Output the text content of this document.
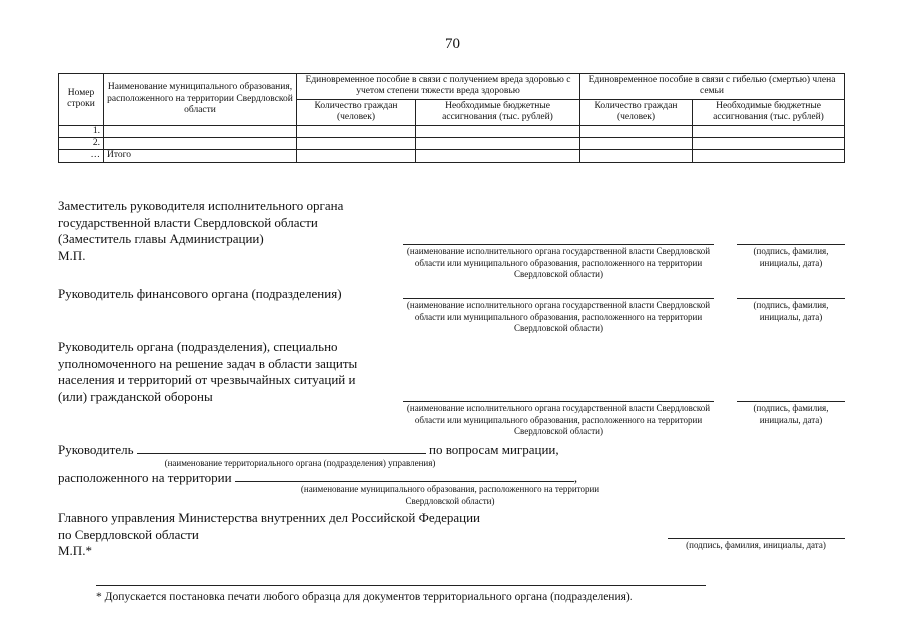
70
Номер строки	Наименование муниципального образования, расположенного на территории Свердловской области	Единовременное пособие в связи с получением вреда здоровью с учетом степени тяжести вреда здоровью		Единовременное пособие в связи с гибелью (смертью) члена семьи	
		Количество граждан (человек)	Необходимые бюджетные ассигнования (тыс. рублей)	Количество граждан (человек)	Необходимые бюджетные ассигнования (тыс. рублей)
1.					
2.					
…	Итого				
Заместитель руководителя исполнительного органа
государственной власти Свердловской области
(Заместитель главы Администрации)
М.П.	(наименование исполнительного органа государственной власти Свердловской области или муниципального образования, расположенного на территории Свердловской области)
(подпись, фамилия, инициалы, дата)
Руководитель финансового органа (подразделения)
(наименование исполнительного органа государственной власти Свердловской области или муниципального образования, расположенного на территории Свердловской области)
(подпись, фамилия, инициалы, дата)
Руководитель органа (подразделения), специально
уполномоченного на решение задач в области защиты
населения и территорий от чрезвычайных ситуаций и
(или) гражданской обороны
(наименование исполнительного органа государственной власти Свердловской области или муниципального образования, расположенного на территории Свердловской области)
(подпись, фамилия, инициалы, дата)
Руководитель	по вопросам миграции,
(наименование территориального органа (подразделения) управления)
расположенного на территории	,
(наименование муниципального образования, расположенного на территории Свердловской области)
Главного управления Министерства внутренних дел Российской Федерации
по Свердловской области
М.П.*	(подпись, фамилия, инициалы, дата)
* Допускается постановка печати любого образца для документов территориального органа (подразделения).
